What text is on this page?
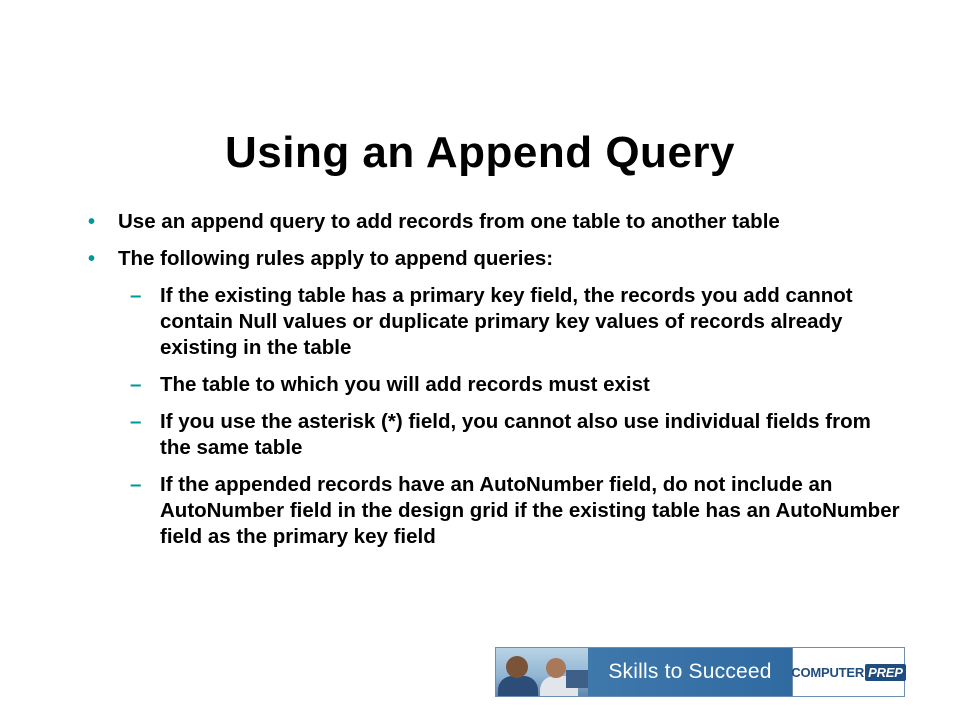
Using an Append Query
• Use an append query to add records from one table to another table
• The following rules apply to append queries:
– If the existing table has a primary key field, the records you add cannot contain Null values or duplicate primary key values of records already existing in the table
– The table to which you will add records must exist
– If you use the asterisk (*) field, you cannot also use individual fields from the same table
– If the appended records have an AutoNumber field, do not include an AutoNumber field in the design grid if the existing table has an AutoNumber field as the primary key field
Skills to Succeed COMPUTER PREP
